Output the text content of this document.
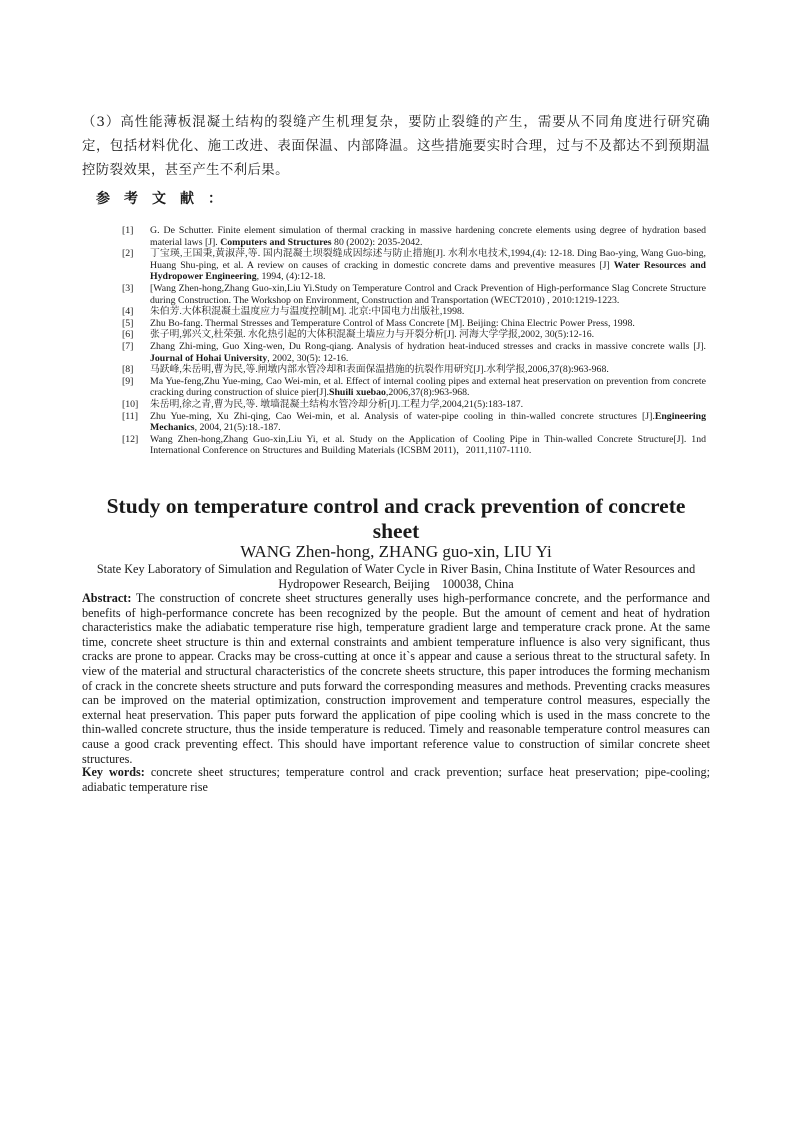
（3）高性能薄板混凝土结构的裂缝产生机理复杂，要防止裂缝的产生，需要从不同角度进行研究确定，包括材料优化、施工改进、表面保温、内部降温。这些措施要实时合理，过与不及都达不到预期温控防裂效果，甚至产生不利后果。

参考文献：
[1] G. De Schutter. Finite element simulation of thermal cracking in massive hardening concrete elements using degree of hydration based material laws [J]. Computers and Structures 80 (2002): 2035-2042.
[2] 丁宝瑛,王国秉,黄淑萍,等. 国内混凝土坝裂缝成因综述与防止措施[J]. 水利水电技术,1994,(4): 12-18. Ding Bao-ying, Wang Guo-bing, Huang Shu-ping, et al. A review on causes of cracking in domestic concrete dams and preventive measures [J] Water Resources and Hydropower Engineering, 1994, (4):12-18.
[3] [Wang Zhen-hong,Zhang Guo-xin,Liu Yi.Study on Temperature Control and Crack Prevention of High-performance Slag Concrete Structure during Construction. The Workshop on Environment, Construction and Transportation (WECT2010) , 2010:1219-1223.
[4] 朱伯芳.大体积混凝土温度应力与温度控制[M]. 北京:中国电力出版社,1998.
[5] Zhu Bo-fang. Thermal Stresses and Temperature Control of Mass Concrete [M]. Beijing: China Electric Power Press, 1998.
[6] 张子明,郭兴文,杜荣强. 水化热引起的大体积混凝土墙应力与开裂分析[J]. 河海大学学报,2002, 30(5):12-16.
[7] Zhang Zhi-ming, Guo Xing-wen, Du Rong-qiang. Analysis of hydration heat-induced stresses and cracks in massive concrete walls [J]. Journal of Hohai University, 2002, 30(5): 12-16.
[8] 马跃峰,朱岳明,曹为民,等.闸墩内部水管冷却和表面保温措施的抗裂作用研究[J].水利学报,2006,37(8):963-968.
[9] Ma Yue-feng,Zhu Yue-ming, Cao Wei-min, et al. Effect of internal cooling pipes and external heat preservation on prevention from concrete cracking during construction of sluice pier[J].Shuili xuebao,2006,37(8):963-968.
[10] 朱岳明,徐之青,曹为民,等. 墩墙混凝土结构水管冷却分析[J].工程力学,2004,21(5):183-187.
[11] Zhu Yue-ming, Xu Zhi-qing, Cao Wei-min, et al. Analysis of water-pipe cooling in thin-walled concrete structures [J].Engineering Mechanics, 2004, 21(5):18.-187.
[12] Wang Zhen-hong,Zhang Guo-xin,Liu Yi, et al. Study on the Application of Cooling Pipe in Thin-walled Concrete Structure[J]. 1nd International Conference on Structures and Building Materials (ICSBM 2011)，2011,1107-1110.
Study on temperature control and crack prevention of concrete sheet
WANG Zhen-hong, ZHANG guo-xin, LIU Yi
State Key Laboratory of Simulation and Regulation of Water Cycle in River Basin, China Institute of Water Resources and Hydropower Research, Beijing　100038, China

Abstract: The construction of concrete sheet structures generally uses high-performance concrete, and the performance and benefits of high-performance concrete has been recognized by the people. But the amount of cement and heat of hydration characteristics make the adiabatic temperature rise high, temperature gradient large and temperature crack prone. At the same time, concrete sheet structure is thin and external constraints and ambient temperature influence is also very significant, thus cracks are prone to appear. Cracks may be cross-cutting at once it`s appear and cause a serious threat to the structural safety. In view of the material and structural characteristics of the concrete sheets structure, this paper introduces the forming mechanism of crack in the concrete sheets structure and puts forward the corresponding measures and methods. Preventing cracks measures can be improved on the material optimization, construction improvement and temperature control measures, especially the external heat preservation. This paper puts forward the application of pipe cooling which is used in the mass concrete to the thin-walled concrete structure, thus the inside temperature is reduced. Timely and reasonable temperature control measures can cause a good crack preventing effect. This should have important reference value to construction of similar concrete sheet structures.

Key words: concrete sheet structures; temperature control and crack prevention; surface heat preservation; pipe-cooling; adiabatic temperature rise
